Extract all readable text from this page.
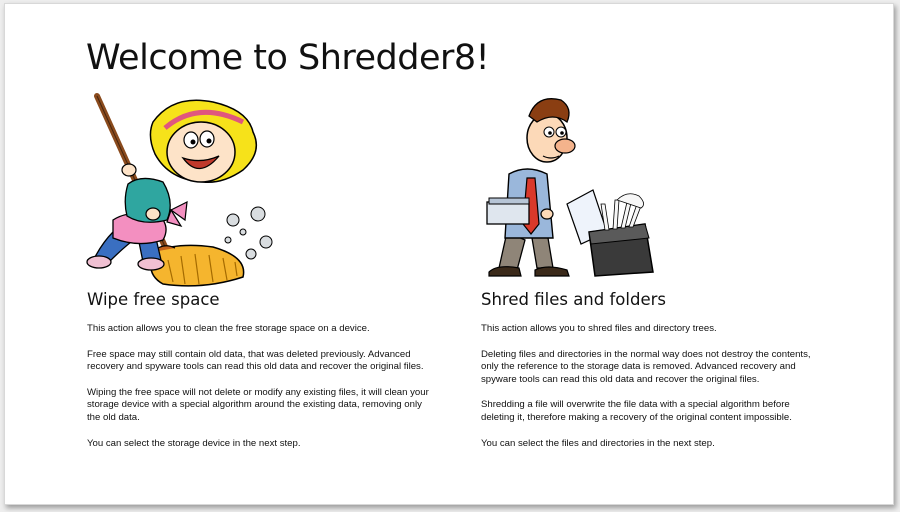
Welcome to Shredder8!
Wipe free space

This action allows you to clean the free storage space on a device.

Free space may still contain old data, that was deleted previously. Advanced recovery and spyware tools can read this old data and recover the original files.

Wiping the free space will not delete or modify any existing files, it will clean your storage device with a special algorithm around the existing data, removing only the old data.

You can select the storage device in the next step.

Shred files and folders

This action allows you to shred files and directory trees.

Deleting files and directories in the normal way does not destroy the contents, only the reference to the storage data is removed. Advanced recovery and spyware tools can read this old data and recover the original files.

Shredding a file will overwrite the file data with a special algorithm before deleting it, therefore making a recovery of the original content impossible.

You can select the files and directories in the next step.
